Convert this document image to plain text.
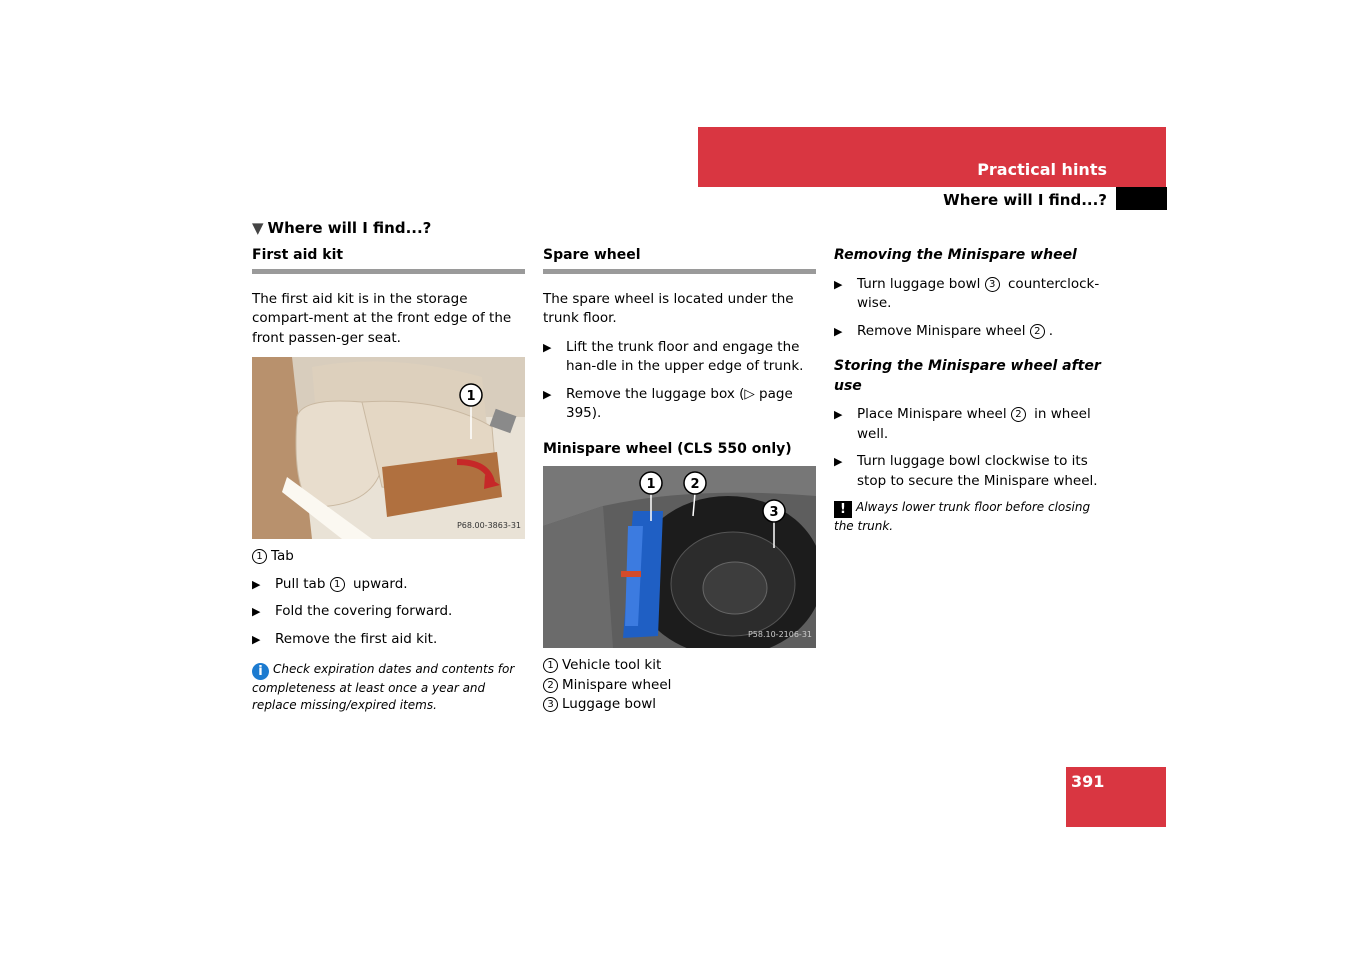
Practical hints
Where will I find...?
391
▼ Where will I find...?
First aid kit

The first aid kit is in the storage compart-ment at the front edge of the front passen-ger seat.

1
P68.00-3863-31
1 Tab
▶ Pull tab 1 upward.
▶ Fold the covering forward.
▶ Remove the first aid kit.
i Check expiration dates and contents for completeness at least once a year and replace missing/expired items.
Spare wheel

The spare wheel is located under the trunk floor.

▶ Lift the trunk floor and engage the han-dle in the upper edge of trunk.
▶ Remove the luggage box (▷ page 395).
Minispare wheel (CLS 550 only)
1	2
3
P58.10-2106-31
1 Vehicle tool kit
2 Minispare wheel
3 Luggage bowl
Removing the Minispare wheel
▶ Turn luggage bowl 3 counterclock-wise.
▶ Remove Minispare wheel 2 .
Storing the Minispare wheel after use
▶ Place Minispare wheel 2 in wheel well.
▶ Turn luggage bowl clockwise to its stop to secure the Minispare wheel.
! Always lower trunk floor before closing the trunk.
